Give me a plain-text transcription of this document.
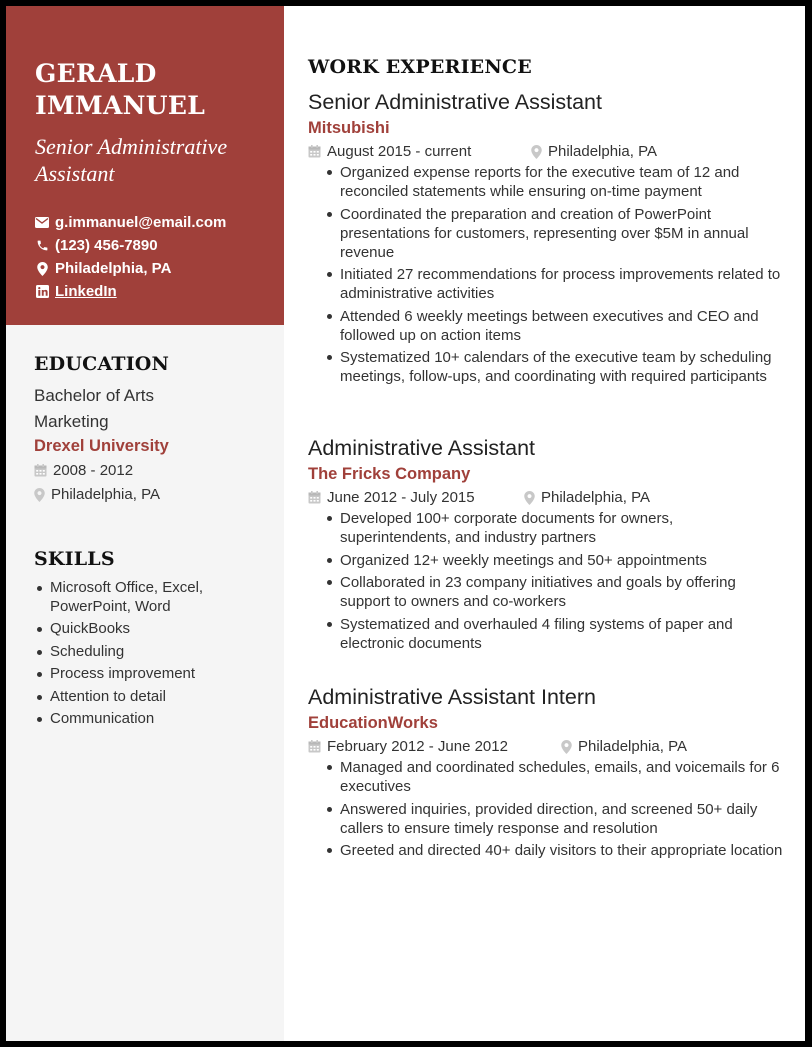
GERALD
IMMANUEL
Senior Administrative Assistant
g.immanuel@email.com
(123) 456-7890
Philadelphia, PA
LinkedIn
EDUCATION
Bachelor of Arts
Marketing
Drexel University
2008 - 2012
Philadelphia, PA
SKILLS
Microsoft Office, Excel, PowerPoint, Word
QuickBooks
Scheduling
Process improvement
Attention to detail
Communication
WORK EXPERIENCE
Senior Administrative Assistant
Mitsubishi
August 2015 - current	Philadelphia, PA
Organized expense reports for the executive team of 12 and reconciled statements while ensuring on-time payment
Coordinated the preparation and creation of PowerPoint presentations for customers, representing over $5M in annual revenue
Initiated 27 recommendations for process improvements related to administrative activities
Attended 6 weekly meetings between executives and CEO and followed up on action items
Systematized 10+ calendars of the executive team by scheduling meetings, follow-ups, and coordinating with required participants
Administrative Assistant
The Fricks Company
June 2012 - July 2015	Philadelphia, PA
Developed 100+ corporate documents for owners, superintendents, and industry partners
Organized 12+ weekly meetings and 50+ appointments
Collaborated in 23 company initiatives and goals by offering support to owners and co-workers
Systematized and overhauled 4 filing systems of paper and electronic documents
Administrative Assistant Intern
EducationWorks
February 2012 - June 2012	Philadelphia, PA
Managed and coordinated schedules, emails, and voicemails for 6 executives
Answered inquiries, provided direction, and screened 50+ daily callers to ensure timely response and resolution
Greeted and directed 40+ daily visitors to their appropriate location
